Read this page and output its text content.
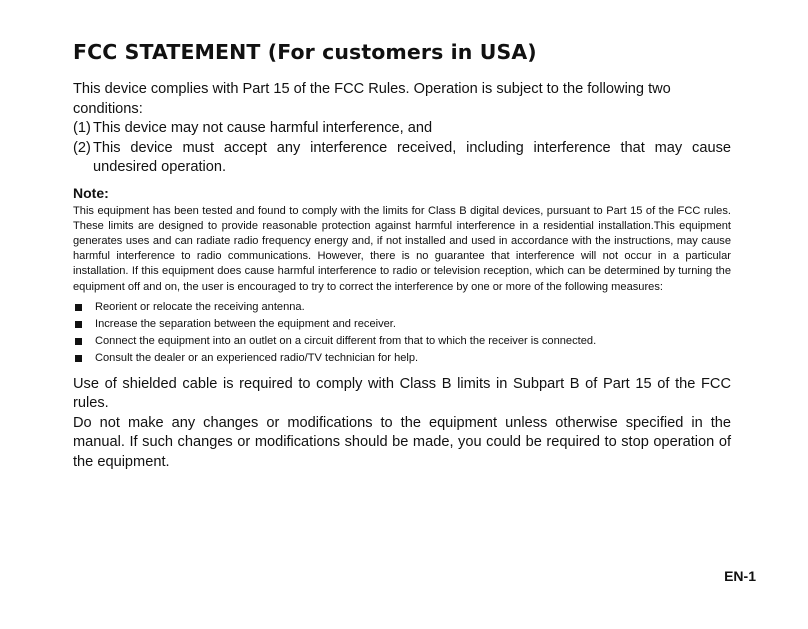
FCC STATEMENT (For customers in USA)

This device complies with Part 15 of the FCC Rules. Operation is subject to the following two conditions:

(1) This device may not cause harmful interference, and
(2) This device must accept any interference received, including interference that may cause undesired operation.
Note:

This equipment has been tested and found to comply with the limits for Class B digital devices, pursuant to Part 15 of the FCC rules. These limits are designed to provide reasonable protection against harmful interference in a residential installation.This equipment generates uses and can radiate radio frequency energy and, if not installed and used in accordance with the instructions, may cause harmful interference to radio communications. However, there is no guarantee that interference will not occur in a particular installation. If this equipment does cause harmful interference to radio or television reception, which can be determined by turning the equipment off and on, the user is encouraged to try to correct the interference by one or more of the following measures:

Reorient or relocate the receiving antenna.
Increase the separation between the equipment and receiver.
Connect the equipment into an outlet on a circuit different from that to which the receiver is connected.
Consult the dealer or an experienced radio/TV technician for help.

Use of shielded cable is required to comply with Class B limits in Subpart B of Part 15 of the FCC rules.

Do not make any changes or modifications to the equipment unless otherwise specified in the manual. If such changes or modifications should be made, you could be required to stop operation of the equipment.

EN-1
